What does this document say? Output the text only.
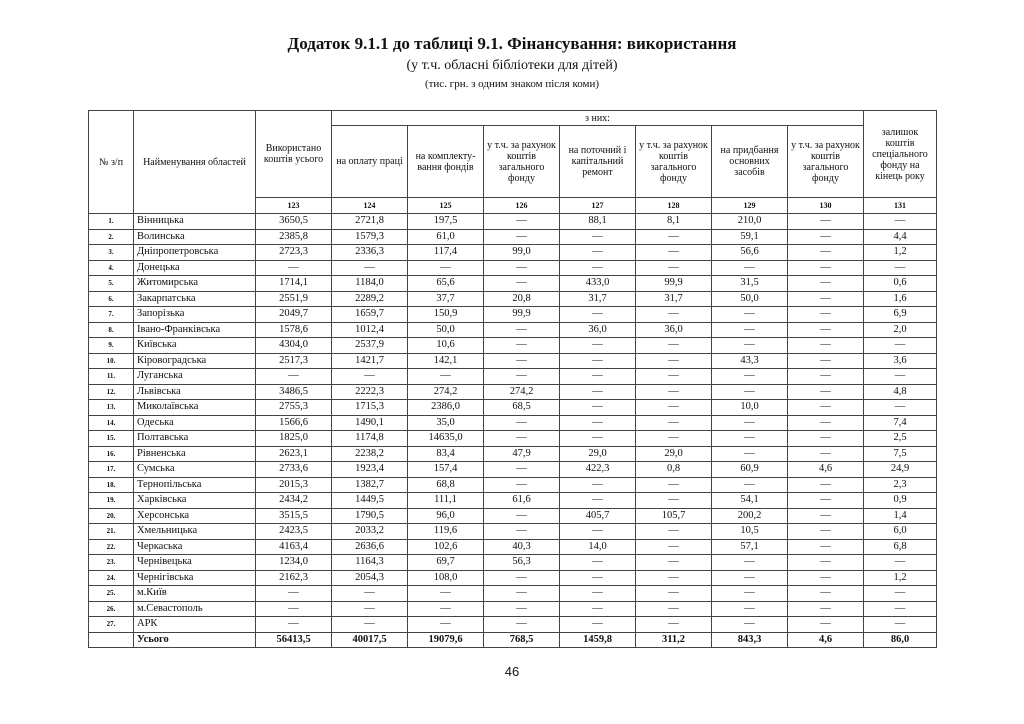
Додаток 9.1.1 до таблиці 9.1. Фінансування: використання
(у т.ч. обласні бібліотеки для дітей)
(тис. грн. з одним знаком після коми)
№ з/п	Найменування областей	Використано коштів усього	з них:							залишок коштів спеціального фонду на кінець року
			на оплату праці	на комплекту-вання фондів	у т.ч. за рахунок коштів загального фонду	на поточний і капітальний ремонт	у т.ч. за рахунок коштів загального фонду	на придбання основних засобів	у т.ч. за рахунок коштів загального фонду	
		123	124	125	126	127	128	129	130	131
1.	Вінницька	3650,5	2721,8	197,5	—	88,1	8,1	210,0	—	—
2.	Волинська	2385,8	1579,3	61,0	—	—	—	59,1	—	4,4
3.	Дніпропетровська	2723,3	2336,3	117,4	99,0	—	—	56,6	—	1,2
4.	Донецька	—	—	—	—	—	—	—	—	—
5.	Житомирська	1714,1	1184,0	65,6	—	433,0	99,9	31,5	—	0,6
6.	Закарпатська	2551,9	2289,2	37,7	20,8	31,7	31,7	50,0	—	1,6
7.	Запорізька	2049,7	1659,7	150,9	99,9	—	—	—	—	6,9
8.	Івано-Франківська	1578,6	1012,4	50,0	—	36,0	36,0	—	—	2,0
9.	Київська	4304,0	2537,9	10,6	—	—	—	—	—	—
10.	Кіровоградська	2517,3	1421,7	142,1	—	—	—	43,3	—	3,6
11.	Луганська	—	—	—	—	—	—	—	—	—
12.	Львівська	3486,5	2222,3	274,2	274,2	—	—	—	—	4,8
13.	Миколаївська	2755,3	1715,3	2386,0	68,5	—	—	10,0	—	—
14.	Одеська	1566,6	1490,1	35,0	—	—	—	—	—	7,4
15.	Полтавська	1825,0	1174,8	14635,0	—	—	—	—	—	2,5
16.	Рівненська	2623,1	2238,2	83,4	47,9	29,0	29,0	—	—	7,5
17.	Сумська	2733,6	1923,4	157,4	—	422,3	0,8	60,9	4,6	24,9
18.	Тернопільська	2015,3	1382,7	68,8	—	—	—	—	—	2,3
19.	Харківська	2434,2	1449,5	111,1	61,6	—	—	54,1	—	0,9
20.	Херсонська	3515,5	1790,5	96,0	—	405,7	105,7	200,2	—	1,4
21.	Хмельницька	2423,5	2033,2	119,6	—	—	—	10,5	—	6,0
22.	Черкаська	4163,4	2636,6	102,6	40,3	14,0	—	57,1	—	6,8
23.	Чернівецька	1234,0	1164,3	69,7	56,3	—	—	—	—	—
24.	Чернігівська	2162,3	2054,3	108,0	—	—	—	—	—	1,2
25.	м.Київ	—	—	—	—	—	—	—	—	—
26.	м.Севастополь	—	—	—	—	—	—	—	—	—
27.	АРК	—	—	—	—	—	—	—	—	—
	Усього	56413,5	40017,5	19079,6	768,5	1459,8	311,2	843,3	4,6	86,0
46
